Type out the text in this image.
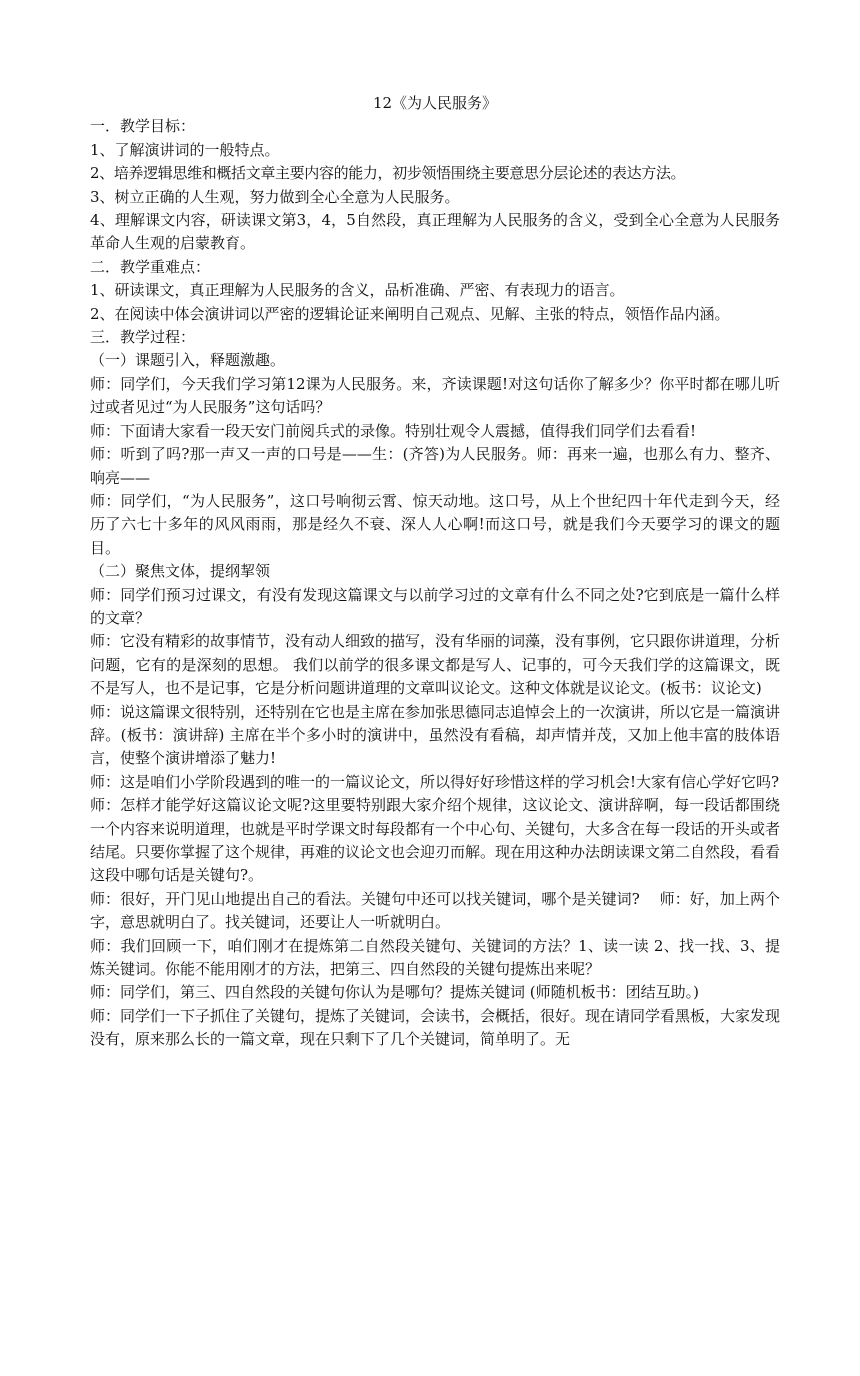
12《为人民服务》

一．教学目标：

1、了解演讲词的一般特点。

2、培养逻辑思维和概括文章主要内容的能力，初步领悟围绕主要意思分层论述的表达方法。

3、树立正确的人生观，努力做到全心全意为人民服务。

4、理解课文内容，研读课文第3，4，5自然段，真正理解为人民服务的含义，受到全心全意为人民服务革命人生观的启蒙教育。

二．教学重难点：

1、研读课文，真正理解为人民服务的含义，品析准确、严密、有表现力的语言。

2、在阅读中体会演讲词以严密的逻辑论证来阐明自己观点、见解、主张的特点，领悟作品内涵。

三．教学过程：

（一）课题引入，释题激趣。

师：同学们，今天我们学习第12课为人民服务。来，齐读课题!对这句话你了解多少？你平时都在哪儿听过或者见过“为人民服务”这句话吗？

师：下面请大家看一段天安门前阅兵式的录像。特别壮观令人震撼，值得我们同学们去看看!

师：听到了吗?那一声又一声的口号是——生：(齐答)为人民服务。师：再来一遍，也那么有力、整齐、响亮——

师：同学们，“为人民服务”，这口号响彻云霄、惊天动地。这口号，从上个世纪四十年代走到今天，经历了六七十多年的风风雨雨，那是经久不衰、深人人心啊!而这口号，就是我们今天要学习的课文的题目。

（二）聚焦文体，提纲挈领

师：同学们预习过课文，有没有发现这篇课文与以前学习过的文章有什么不同之处?它到底是一篇什么样的文章？

师：它没有精彩的故事情节，没有动人细致的描写，没有华丽的词藻，没有事例，它只跟你讲道理，分析问题，它有的是深刻的思想。 我们以前学的很多课文都是写人、记事的，可今天我们学的这篇课文，既不是写人，也不是记事，它是分析问题讲道理的文章叫议论文。这种文体就是议论文。(板书：议论文)

师：说这篇课文很特别，还特别在它也是主席在参加张思德同志追悼会上的一次演讲，所以它是一篇演讲辞。(板书：演讲辞) 主席在半个多小时的演讲中，虽然没有看稿，却声情并茂，又加上他丰富的肢体语言，使整个演讲增添了魅力!

师：这是咱们小学阶段遇到的唯一的一篇议论文，所以得好好珍惜这样的学习机会!大家有信心学好它吗?

师：怎样才能学好这篇议论文呢?这里要特别跟大家介绍个规律，这议论文、演讲辞啊，每一段话都围绕一个内容来说明道理，也就是平时学课文时每段都有一个中心句、关键句，大多含在每一段话的开头或者结尾。只要你掌握了这个规律，再难的议论文也会迎刃而解。现在用这种办法朗读课文第二自然段，看看这段中哪句话是关键句?。

师：很好，开门见山地提出自己的看法。关键句中还可以找关键词，哪个是关键词?　 师：好，加上两个字，意思就明白了。找关键词，还要让人一听就明白。

师：我们回顾一下，咱们刚才在提炼第二自然段关键句、关键词的方法？1、读一读 2、找一找、3、提炼关键词。你能不能用刚才的方法，把第三、四自然段的关键句提炼出来呢？

师：同学们，第三、四自然段的关键句你认为是哪句？提炼关键词 (师随机板书：团结互助。)

师：同学们一下子抓住了关键句，提炼了关键词，会读书，会概括，很好。现在请同学看黑板，大家发现没有，原来那么长的一篇文章，现在只剩下了几个关键词，简单明了。无
